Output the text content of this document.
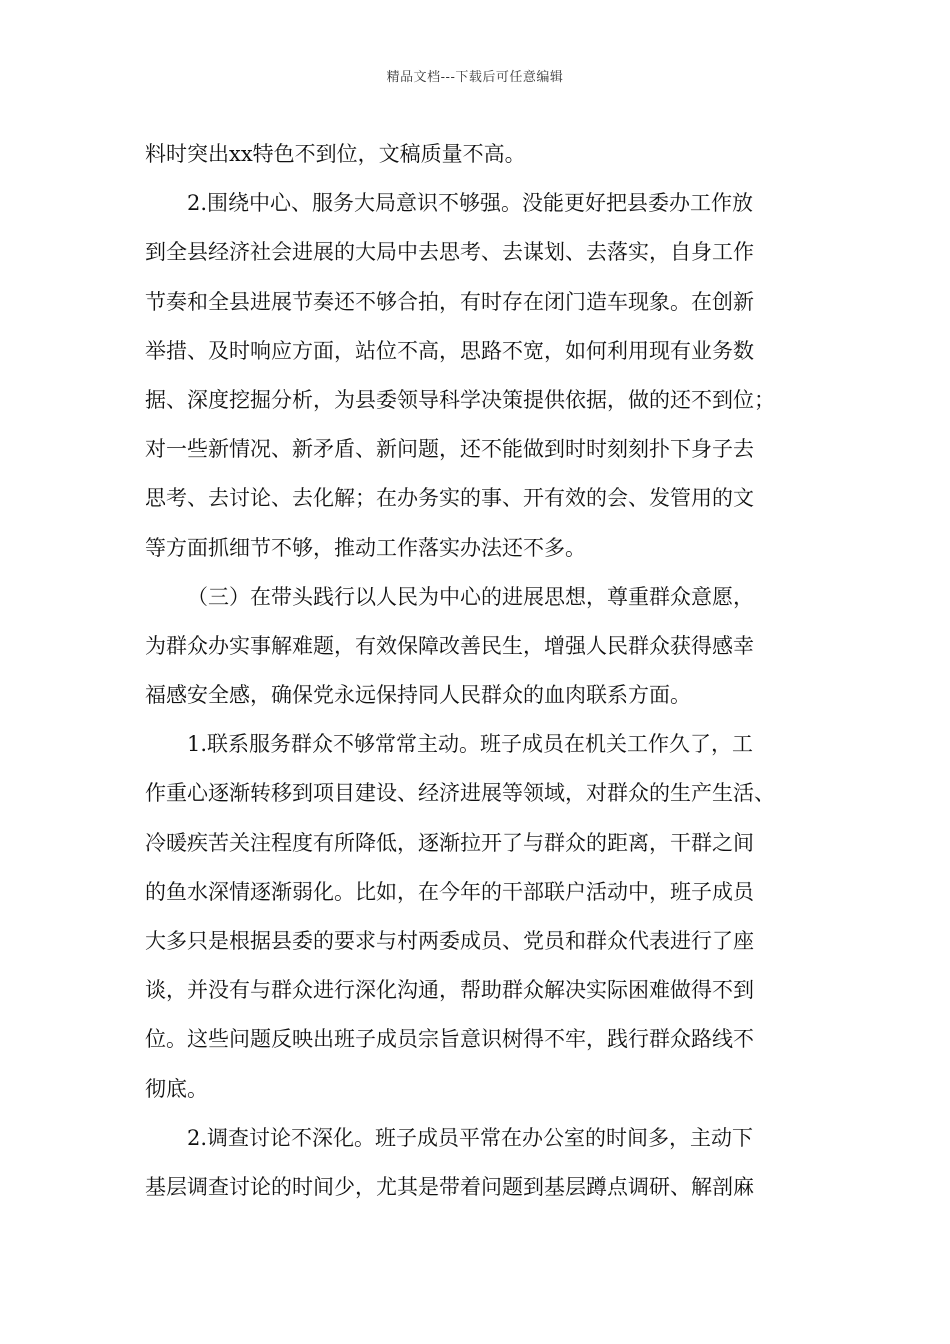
精品文档---下载后可任意编辑
料时突出xx特色不到位，文稿质量不高。
2.围绕中心、服务大局意识不够强。没能更好把县委办工作放
到全县经济社会进展的大局中去思考、去谋划、去落实，自身工作
节奏和全县进展节奏还不够合拍，有时存在闭门造车现象。在创新
举措、及时响应方面，站位不高，思路不宽，如何利用现有业务数
据、深度挖掘分析，为县委领导科学决策提供依据，做的还不到位；
对一些新情况、新矛盾、新问题，还不能做到时时刻刻扑下身子去
思考、去讨论、去化解；在办务实的事、开有效的会、发管用的文
等方面抓细节不够，推动工作落实办法还不多。
（三）在带头践行以人民为中心的进展思想，尊重群众意愿，
为群众办实事解难题，有效保障改善民生，增强人民群众获得感幸
福感安全感，确保党永远保持同人民群众的血肉联系方面。
1.联系服务群众不够常常主动。班子成员在机关工作久了，工
作重心逐渐转移到项目建设、经济进展等领域，对群众的生产生活、
冷暖疾苦关注程度有所降低，逐渐拉开了与群众的距离，干群之间
的鱼水深情逐渐弱化。比如，在今年的干部联户活动中，班子成员
大多只是根据县委的要求与村两委成员、党员和群众代表进行了座
谈，并没有与群众进行深化沟通，帮助群众解决实际困难做得不到
位。这些问题反映出班子成员宗旨意识树得不牢，践行群众路线不
彻底。
2.调查讨论不深化。班子成员平常在办公室的时间多，主动下
基层调查讨论的时间少，尤其是带着问题到基层蹲点调研、解剖麻
